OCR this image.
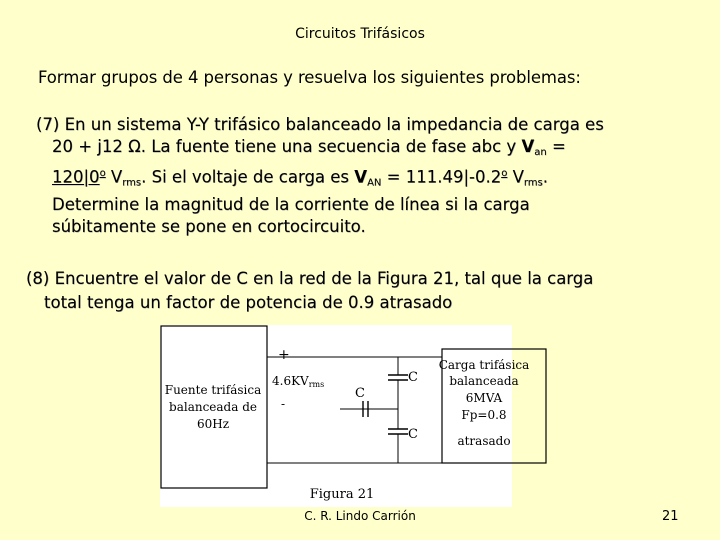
Circuitos Trifásicos
Formar grupos de 4 personas y resuelva los siguientes problemas:
(7) En un sistema Y-Y trifásico balanceado la impedancia de carga es
20 + j12 Ω. La fuente tiene una secuencia de fase abc y $V_{an}$ =
$120|0^o$ $V_{rms}$. Si el voltaje de carga es $V_{AN} = 111.49|-0.2^o$ $V_{rms}$.
Determine la magnitud de la corriente de línea si la carga
súbitamente se pone en cortocircuito.
(8) Encuentre el valor de C en la red de la Figura 21, tal que la carga
total tenga un factor de potencia de 0.9 atrasado
Fuente trifásica
balanceada de
60Hz
Carga trifásica
balanceada
6MVA
Fp=0.8
atrasado
+
4.6KVrms
-
C
C
C
Figura 21
C. R. Lindo Carrión	21
